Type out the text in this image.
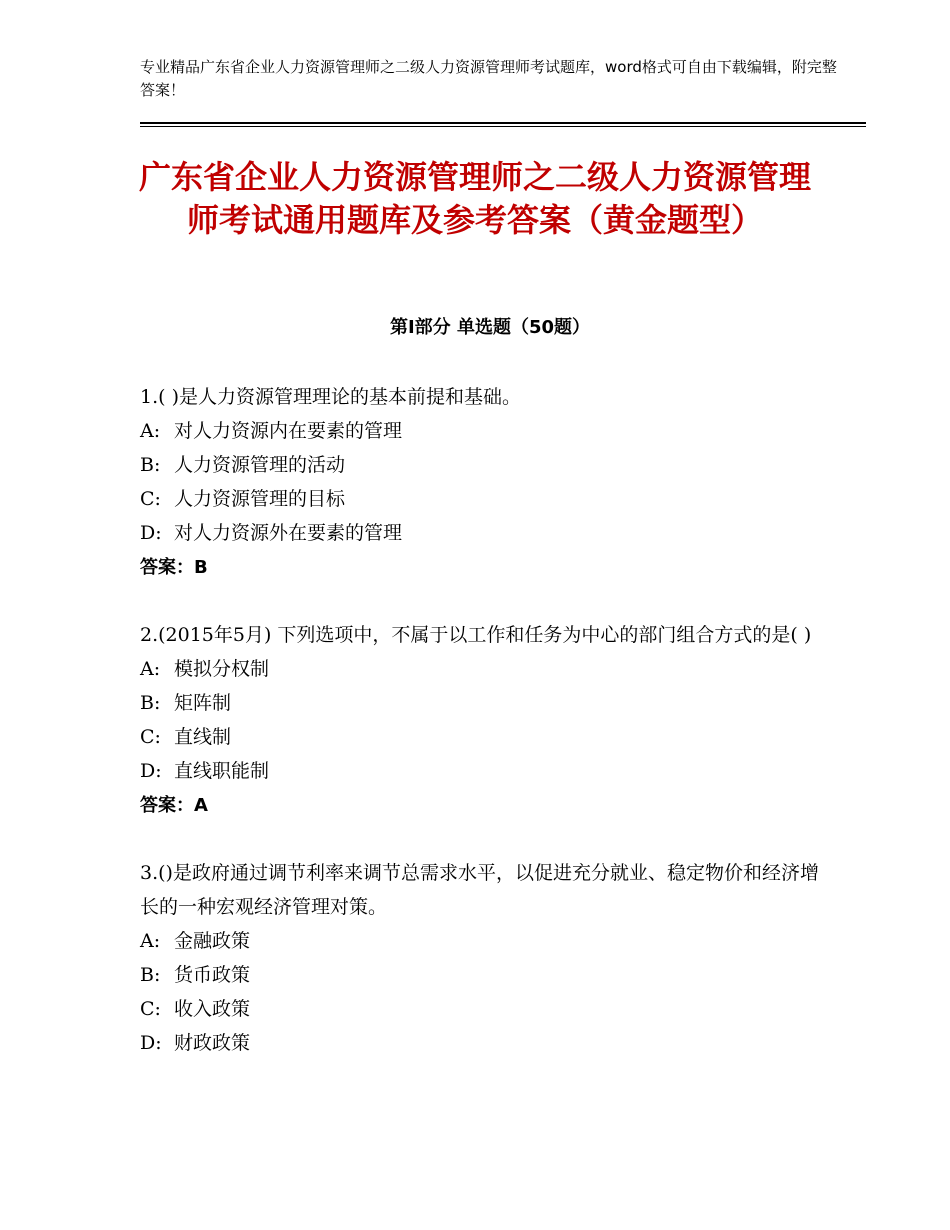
专业精品广东省企业人力资源管理师之二级人力资源管理师考试题库，word格式可自由下载编辑，附完整答案！
广东省企业人力资源管理师之二级人力资源管理师考试通用题库及参考答案（黄金题型）
第Ⅰ部分 单选题（50题）

1.( )是人力资源管理理论的基本前提和基础。

A: 对人力资源内在要素的管理

B: 人力资源管理的活动

C: 人力资源管理的目标

D: 对人力资源外在要素的管理

答案：B

2.(2015年5月) 下列选项中，不属于以工作和任务为中心的部门组合方式的是( )

A: 模拟分权制

B: 矩阵制

C: 直线制

D: 直线职能制

答案：A

3.()是政府通过调节利率来调节总需求水平，以促进充分就业、稳定物价和经济增长的一种宏观经济管理对策。

A: 金融政策

B: 货币政策

C: 收入政策

D: 财政政策
